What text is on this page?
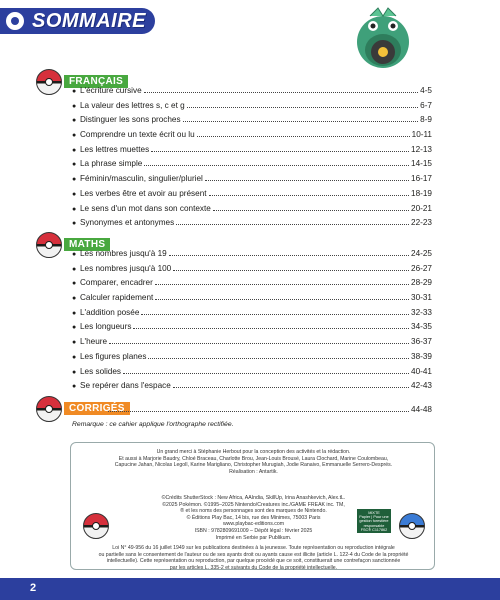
SOMMAIRE
FRANÇAIS
● L'écriture cursive	4-5
● La valeur des lettres s, c et g	6-7
● Distinguer les sons proches	8-9
● Comprendre un texte écrit ou lu	10-11
● Les lettres muettes	12-13
● La phrase simple	14-15
● Féminin/masculin, singulier/pluriel	16-17
● Les verbes être et avoir au présent	18-19
● Le sens d'un mot dans son contexte	20-21
● Synonymes et antonymes	22-23
MATHS
● Les nombres jusqu'à 19	24-25
● Les nombres jusqu'à 100	26-27
● Comparer, encadrer	28-29
● Calculer rapidement	30-31
● L'addition posée	32-33
● Les longueurs	34-35
● L'heure	36-37
● Les figures planes	38-39
● Les solides	40-41
● Se repérer dans l'espace	42-43
CORRIGÉS	44-48
Remarque : ce cahier applique l'orthographe rectifiée.

Un grand merci à Stéphanie Herbout pour la conception des activités et la rédaction.

Et aussi à Marjorie Baudry, Chloé Braceau, Charlotte Brou, Jean-Louis Brousé, Laura Clochard, Marine Coulombeau,

Capucine Jahan, Nicolas Legoll, Karine Marigliano, Christopher Murugiah, Jodie Ranaivo, Emmanuelle Serrero-Després.

Réalisation : Antartik.

©Crédits ShutterStock : New Africa, AAIndia, SkillUp, Irina Anashkevich, Alex.tL.

©2025 Pokémon. ©1995–2025 Nintendo/Creatures inc./GAME FREAK inc. TM,

® et les noms des personnages sont des marques de Nintendo.

© Éditions Play Bac, 14 bis, rue des Minimes, 75003 Paris

www.playbac-editions.com

ISBN : 9782809691009 – Dépôt légal : février 2025

Imprimé en Serbie par Publikum.

MIXTE
Papier | Pour une gestion forestière responsable
FSC® C117862

Loi N° 49-956 du 16 juillet 1949 sur les publications destinées à la jeunesse. Toute représentation ou reproduction intégrale

ou partielle sans le consentement de l'auteur ou de ses ayants droit ou ayants cause est illicite (article L. 122-4 du Code de la propriété

intellectuelle). Cette représentation ou reproduction, par quelque procédé que ce soit, constituerait une contrefaçon sanctionnée

par les articles L. 335-2 et suivants du Code de la propriété intellectuelle.

2
